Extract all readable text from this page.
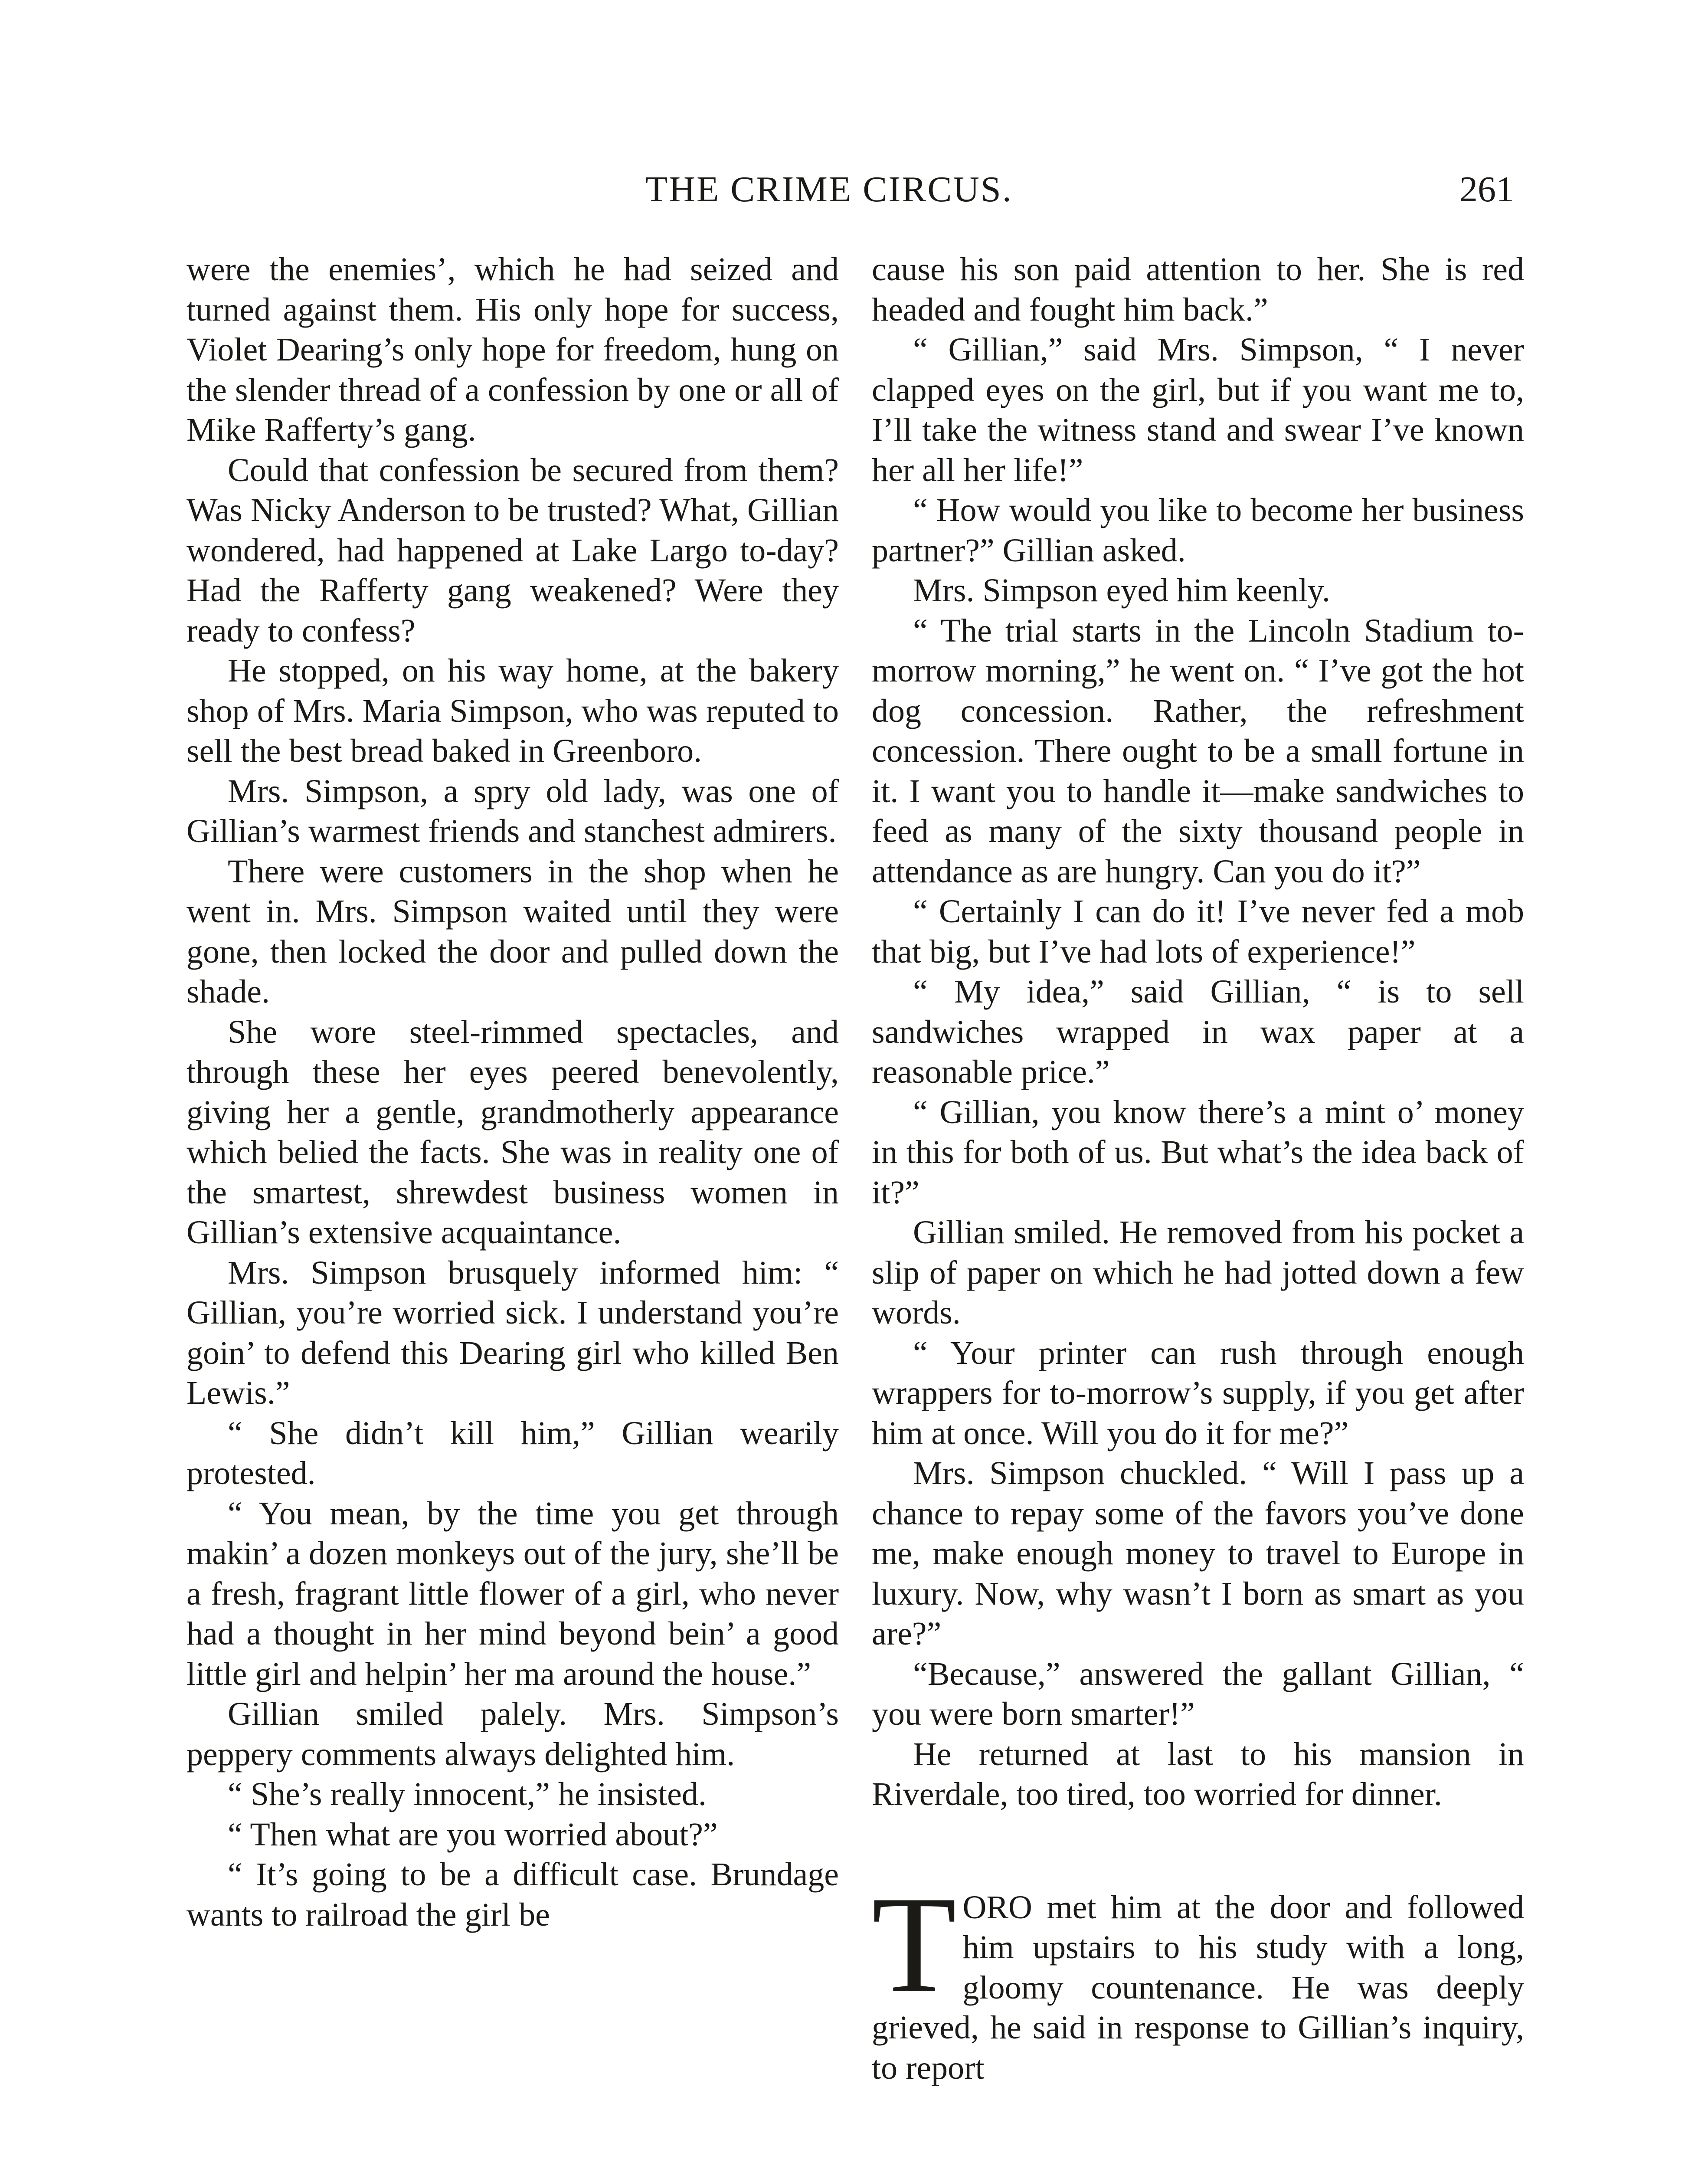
THE CRIME CIRCUS.	261

were the enemies’, which he had seized and turned against them. His only hope for success, Violet Dearing’s only hope for freedom, hung on the slender thread of a confession by one or all of Mike Rafferty’s gang.

Could that confession be secured from them? Was Nicky Anderson to be trusted? What, Gillian wondered, had happened at Lake Largo to-day? Had the Rafferty gang weakened? Were they ready to confess?

He stopped, on his way home, at the bakery shop of Mrs. Maria Simpson, who was reputed to sell the best bread baked in Greenboro.

Mrs. Simpson, a spry old lady, was one of Gillian’s warmest friends and stanchest admirers.

There were customers in the shop when he went in. Mrs. Simpson waited until they were gone, then locked the door and pulled down the shade.

She wore steel-rimmed spectacles, and through these her eyes peered benevolently, giving her a gentle, grandmotherly appearance which belied the facts. She was in reality one of the smartest, shrewdest business women in Gillian’s extensive acquaintance.

Mrs. Simpson brusquely informed him: “ Gillian, you’re worried sick. I understand you’re goin’ to defend this Dearing girl who killed Ben Lewis.”

“ She didn’t kill him,” Gillian wearily protested.

“ You mean, by the time you get through makin’ a dozen monkeys out of the jury, she’ll be a fresh, fragrant little flower of a girl, who never had a thought in her mind beyond bein’ a good little girl and helpin’ her ma around the house.”

Gillian smiled palely. Mrs. Simpson’s peppery comments always delighted him.

“ She’s really innocent,” he insisted.

“ Then what are you worried about?”

“ It’s going to be a difficult case. Brundage wants to railroad the girl be

cause his son paid attention to her. She is red headed and fought him back.”

“ Gillian,” said Mrs. Simpson, “ I never clapped eyes on the girl, but if you want me to, I’ll take the witness stand and swear I’ve known her all her life!”

“ How would you like to become her business partner?” Gillian asked.

Mrs. Simpson eyed him keenly.

“ The trial starts in the Lincoln Stadium to-morrow morning,” he went on. “ I’ve got the hot dog concession. Rather, the refreshment concession. There ought to be a small fortune in it. I want you to handle it—make sandwiches to feed as many of the sixty thousand people in attendance as are hungry. Can you do it?”

“ Certainly I can do it! I’ve never fed a mob that big, but I’ve had lots of experience!”

“ My idea,” said Gillian, “ is to sell sandwiches wrapped in wax paper at a reasonable price.”

“ Gillian, you know there’s a mint o’ money in this for both of us. But what’s the idea back of it?”

Gillian smiled. He removed from his pocket a slip of paper on which he had jotted down a few words.

“ Your printer can rush through enough wrappers for to-morrow’s supply, if you get after him at once. Will you do it for me?”

Mrs. Simpson chuckled. “ Will I pass up a chance to repay some of the favors you’ve done me, make enough money to travel to Europe in luxury. Now, why wasn’t I born as smart as you are?”

“Because,” answered the gallant Gillian, “ you were born smarter!”

He returned at last to his mansion in Riverdale, too tired, too worried for dinner.

TORO met him at the door and followed him upstairs to his study with a long, gloomy countenance. He was deeply grieved, he said in response to Gillian’s inquiry, to report
